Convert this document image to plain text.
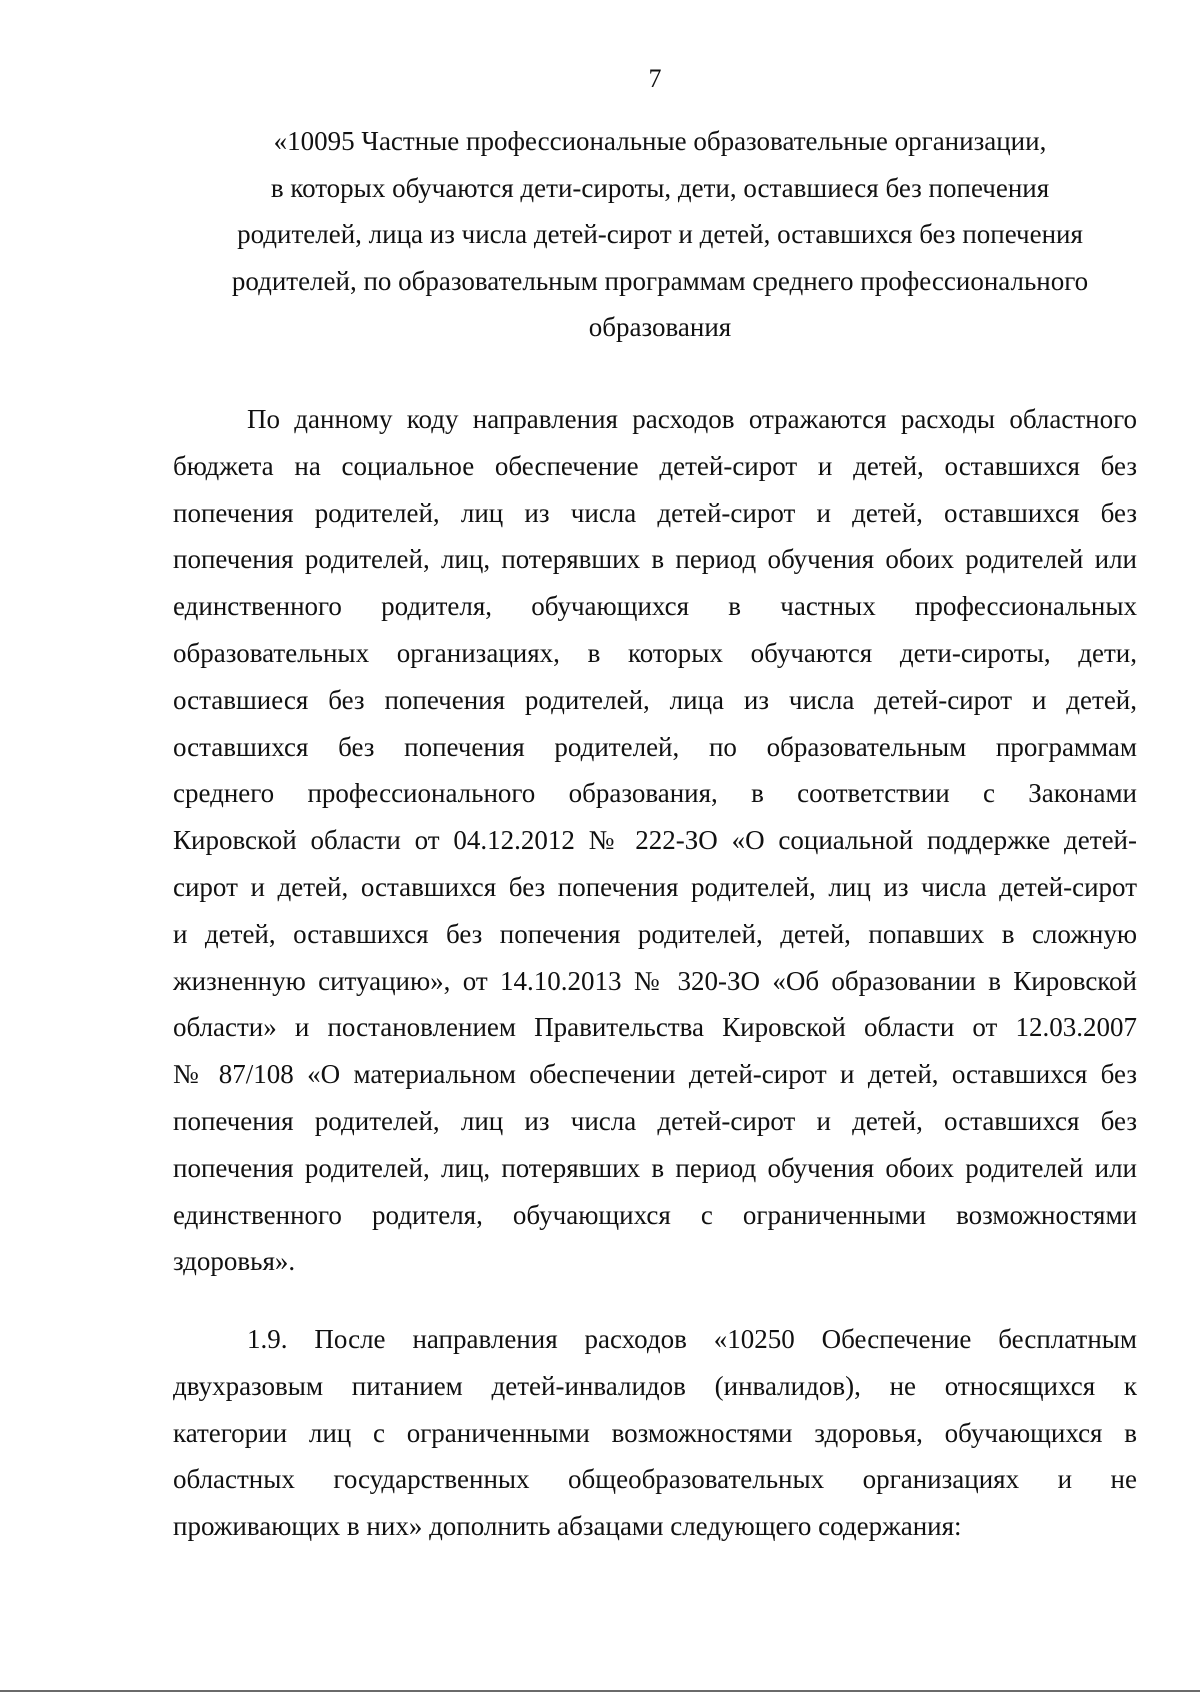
7
«10095 Частные профессиональные образовательные организации,
в которых обучаются дети-сироты, дети, оставшиеся без попечения
родителей, лица из числа детей-сирот и детей, оставшихся без попечения
родителей, по образовательным программам среднего профессионального
образования
По данному коду направления расходов отражаются расходы областного
бюджета на социальное обеспечение детей-сирот и детей, оставшихся без
попечения родителей, лиц из числа детей-сирот и детей, оставшихся без
попечения родителей, лиц, потерявших в период обучения обоих родителей или
единственного родителя, обучающихся в частных профессиональных
образовательных организациях, в которых обучаются дети-сироты, дети,
оставшиеся без попечения родителей, лица из числа детей-сирот и детей,
оставшихся без попечения родителей, по образовательным программам
среднего профессионального образования, в соответствии с Законами
Кировской области от 04.12.2012 № 222-ЗО «О социальной поддержке детей-
сирот и детей, оставшихся без попечения родителей, лиц из числа детей-сирот
и детей, оставшихся без попечения родителей, детей, попавших в сложную
жизненную ситуацию», от 14.10.2013 № 320-ЗО «Об образовании в Кировской
области» и постановлением Правительства Кировской области от 12.03.2007
№ 87/108 «О материальном обеспечении детей-сирот и детей, оставшихся без
попечения родителей, лиц из числа детей-сирот и детей, оставшихся без
попечения родителей, лиц, потерявших в период обучения обоих родителей или
единственного родителя, обучающихся с ограниченными возможностями
здоровья».
1.9. После направления расходов «10250 Обеспечение бесплатным
двухразовым питанием детей-инвалидов (инвалидов), не относящихся к
категории лиц с ограниченными возможностями здоровья, обучающихся в
областных государственных общеобразовательных организациях и не
проживающих в них» дополнить абзацами следующего содержания:
